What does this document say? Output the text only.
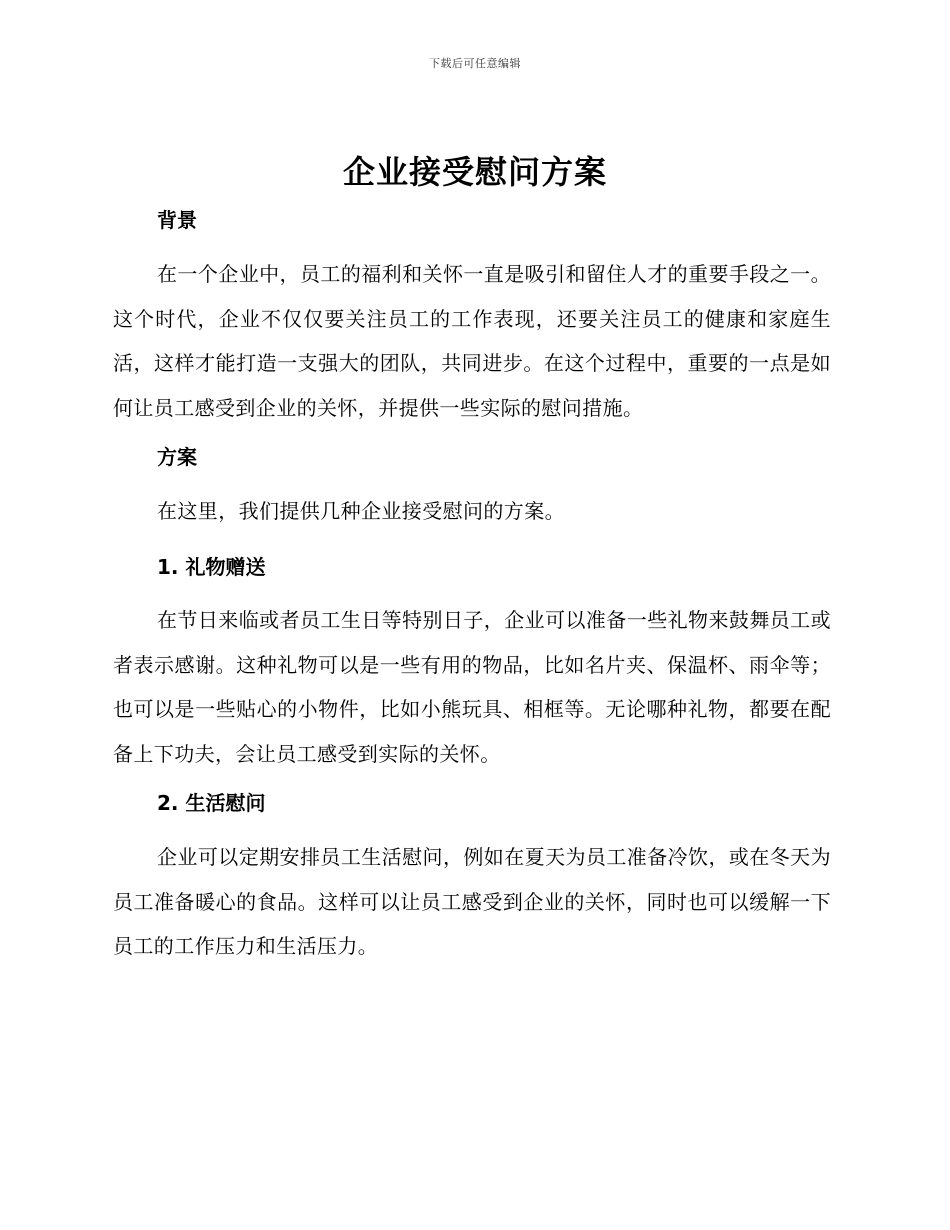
下载后可任意编辑
企业接受慰问方案
背景
在一个企业中，员工的福利和关怀一直是吸引和留住人才的重要手段之一。这个时代，企业不仅仅要关注员工的工作表现，还要关注员工的健康和家庭生活，这样才能打造一支强大的团队，共同进步。在这个过程中，重要的一点是如何让员工感受到企业的关怀，并提供一些实际的慰问措施。
方案
在这里，我们提供几种企业接受慰问的方案。
1. 礼物赠送
在节日来临或者员工生日等特别日子，企业可以准备一些礼物来鼓舞员工或者表示感谢。这种礼物可以是一些有用的物品，比如名片夹、保温杯、雨伞等；也可以是一些贴心的小物件，比如小熊玩具、相框等。无论哪种礼物，都要在配备上下功夫，会让员工感受到实际的关怀。
2. 生活慰问
企业可以定期安排员工生活慰问，例如在夏天为员工准备冷饮，或在冬天为员工准备暖心的食品。这样可以让员工感受到企业的关怀，同时也可以缓解一下员工的工作压力和生活压力。
